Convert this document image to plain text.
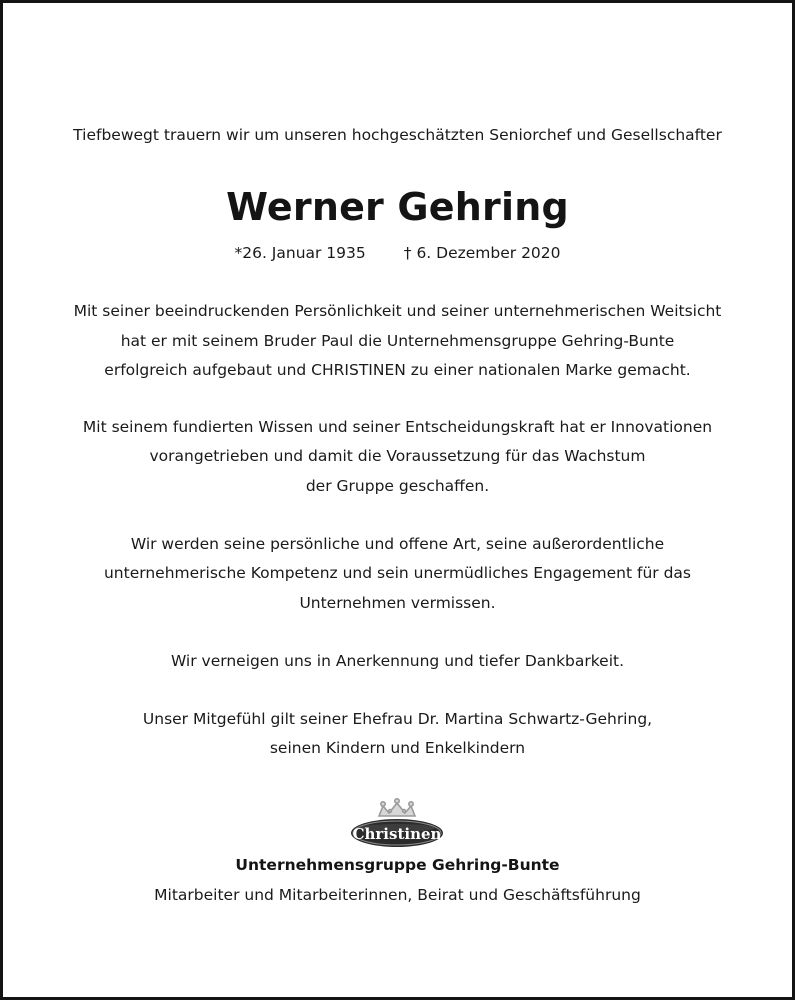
Tiefbewegt trauern wir um unseren hochgeschätzten Seniorchef und Gesellschafter
Werner Gehring
*26. Januar 1935 † 6. Dezember 2020
Mit seiner beeindruckenden Persönlichkeit und seiner unternehmerischen Weitsicht
hat er mit seinem Bruder Paul die Unternehmensgruppe Gehring-Bunte
erfolgreich aufgebaut und CHRISTINEN zu einer nationalen Marke gemacht.
Mit seinem fundierten Wissen und seiner Entscheidungskraft hat er Innovationen
vorangetrieben und damit die Voraussetzung für das Wachstum
der Gruppe geschaffen.
Wir werden seine persönliche und offene Art, seine außerordentliche
unternehmerische Kompetenz und sein unermüdliches Engagement für das
Unternehmen vermissen.
Wir verneigen uns in Anerkennung und tiefer Dankbarkeit.
Unser Mitgefühl gilt seiner Ehefrau Dr. Martina Schwartz-Gehring,
seinen Kindern und Enkelkindern
Christinen
Unternehmensgruppe Gehring-Bunte
Mitarbeiter und Mitarbeiterinnen, Beirat und Geschäftsführung
